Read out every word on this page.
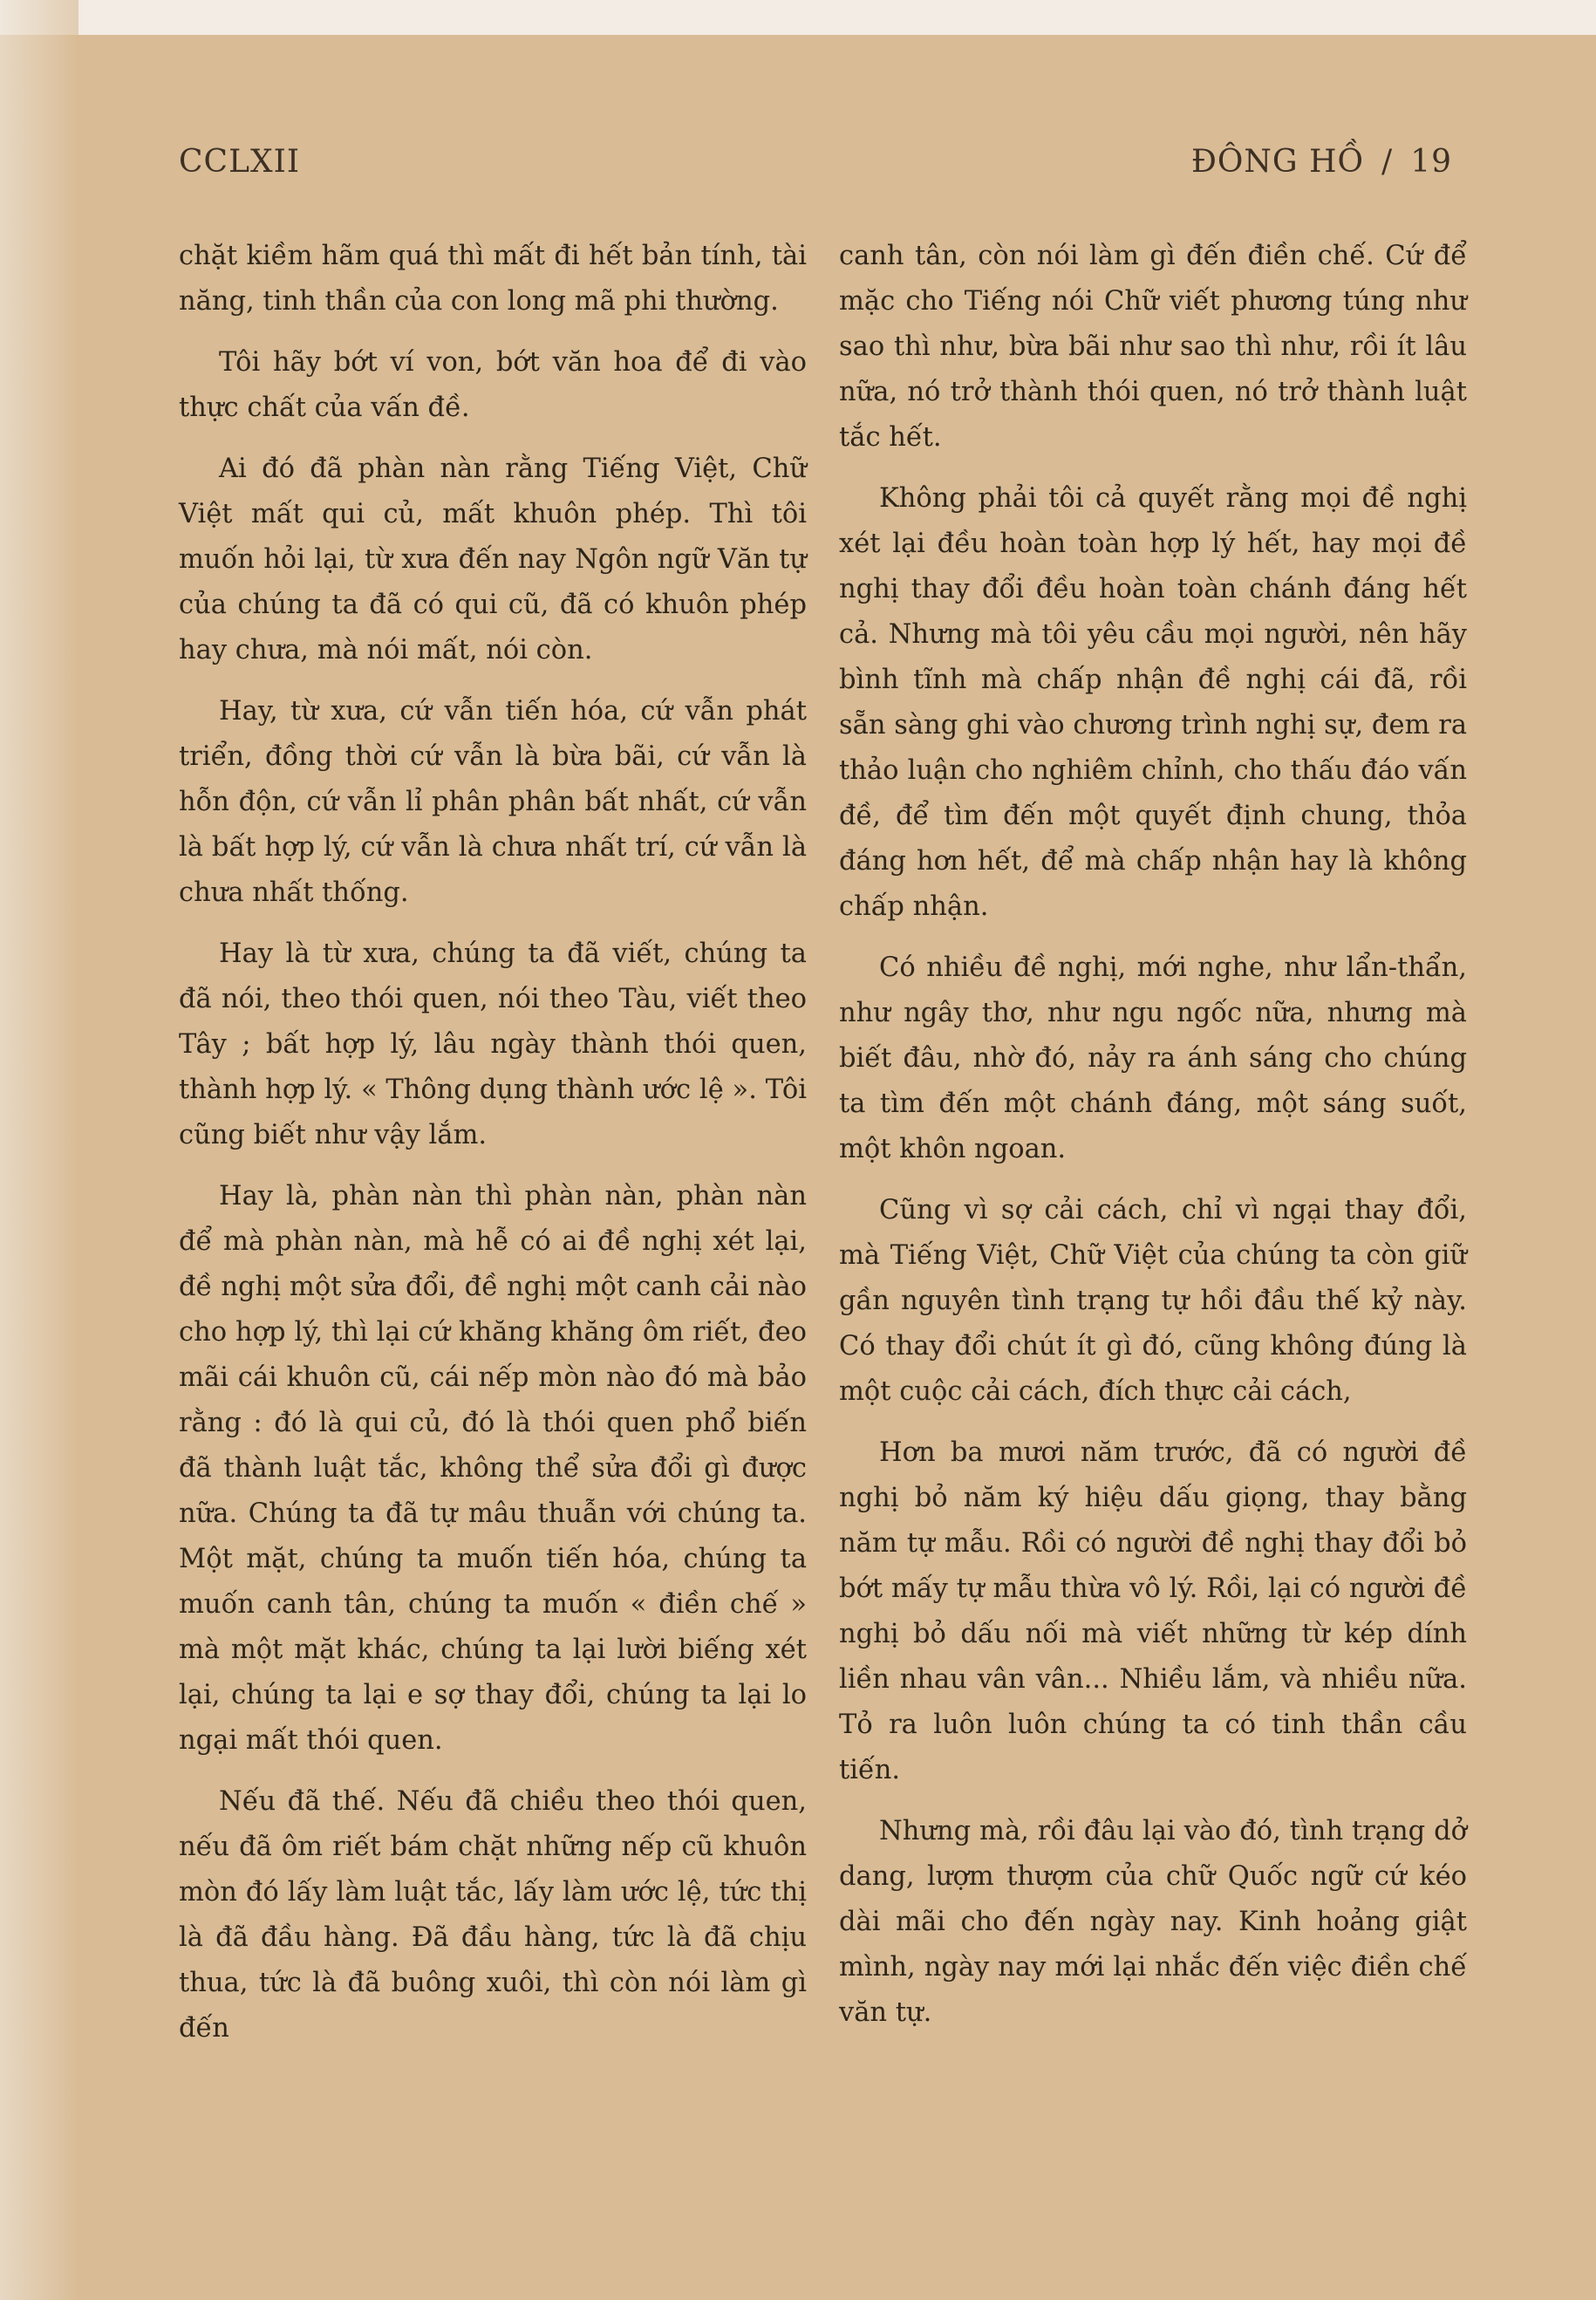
CCLXII	ĐÔNG HỒ / 19

chặt kiềm hãm quá thì mất đi hết bản tính, tài năng, tinh thần của con long mã phi thường.

Tôi hãy bớt ví von, bớt văn hoa để đi vào thực chất của vấn đề.

Ai đó đã phàn nàn rằng Tiếng Việt, Chữ Việt mất qui củ, mất khuôn phép. Thì tôi muốn hỏi lại, từ xưa đến nay Ngôn ngữ Văn tự của chúng ta đã có qui cũ, đã có khuôn phép hay chưa, mà nói mất, nói còn.

Hay, từ xưa, cứ vẫn tiến hóa, cứ vẫn phát triển, đồng thời cứ vẫn là bừa bãi, cứ vẫn là hỗn độn, cứ vẫn lỉ phân phân bất nhất, cứ vẫn là bất hợp lý, cứ vẫn là chưa nhất trí, cứ vẫn là chưa nhất thống.

Hay là từ xưa, chúng ta đã viết, chúng ta đã nói, theo thói quen, nói theo Tàu, viết theo Tây ; bất hợp lý, lâu ngày thành thói quen, thành hợp lý. « Thông dụng thành ước lệ ». Tôi cũng biết như vậy lắm.

Hay là, phàn nàn thì phàn nàn, phàn nàn để mà phàn nàn, mà hễ có ai đề nghị xét lại, đề nghị một sửa đổi, đề nghị một canh cải nào cho hợp lý, thì lại cứ khăng khăng ôm riết, đeo mãi cái khuôn cũ, cái nếp mòn nào đó mà bảo rằng : đó là qui củ, đó là thói quen phổ biến đã thành luật tắc, không thể sửa đổi gì được nữa. Chúng ta đã tự mâu thuẫn với chúng ta. Một mặt, chúng ta muốn tiến hóa, chúng ta muốn canh tân, chúng ta muốn « điền chế » mà một mặt khác, chúng ta lại lười biếng xét lại, chúng ta lại e sợ thay đổi, chúng ta lại lo ngại mất thói quen.

Nếu đã thế. Nếu đã chiều theo thói quen, nếu đã ôm riết bám chặt những nếp cũ khuôn mòn đó lấy làm luật tắc, lấy làm ước lệ, tức thị là đã đầu hàng. Đã đầu hàng, tức là đã chịu thua, tức là đã buông xuôi, thì còn nói làm gì đến

canh tân, còn nói làm gì đến điền chế. Cứ để mặc cho Tiếng nói Chữ viết phương túng như sao thì như, bừa bãi như sao thì như, rồi ít lâu nữa, nó trở thành thói quen, nó trở thành luật tắc hết.

Không phải tôi cả quyết rằng mọi đề nghị xét lại đều hoàn toàn hợp lý hết, hay mọi đề nghị thay đổi đều hoàn toàn chánh đáng hết cả. Nhưng mà tôi yêu cầu mọi người, nên hãy bình tĩnh mà chấp nhận đề nghị cái đã, rồi sẵn sàng ghi vào chương trình nghị sự, đem ra thảo luận cho nghiêm chỉnh, cho thấu đáo vấn đề, để tìm đến một quyết định chung, thỏa đáng hơn hết, để mà chấp nhận hay là không chấp nhận.

Có nhiều đề nghị, mới nghe, như lẩn-thẩn, như ngây thơ, như ngu ngốc nữa, nhưng mà biết đâu, nhờ đó, nảy ra ánh sáng cho chúng ta tìm đến một chánh đáng, một sáng suốt, một khôn ngoan.

Cũng vì sợ cải cách, chỉ vì ngại thay đổi, mà Tiếng Việt, Chữ Việt của chúng ta còn giữ gần nguyên tình trạng tự hồi đầu thế kỷ này. Có thay đổi chút ít gì đó, cũng không đúng là một cuộc cải cách, đích thực cải cách,

Hơn ba mươi năm trước, đã có người đề nghị bỏ năm ký hiệu dấu giọng, thay bằng năm tự mẫu. Rồi có người đề nghị thay đổi bỏ bớt mấy tự mẫu thừa vô lý. Rồi, lại có người đề nghị bỏ dấu nối mà viết những từ kép dính liền nhau vân vân... Nhiều lắm, và nhiều nữa. Tỏ ra luôn luôn chúng ta có tinh thần cầu tiến.

Nhưng mà, rồi đâu lại vào đó, tình trạng dở dang, lượm thượm của chữ Quốc ngữ cứ kéo dài mãi cho đến ngày nay. Kinh hoảng giật mình, ngày nay mới lại nhắc đến việc điền chế văn tự.
